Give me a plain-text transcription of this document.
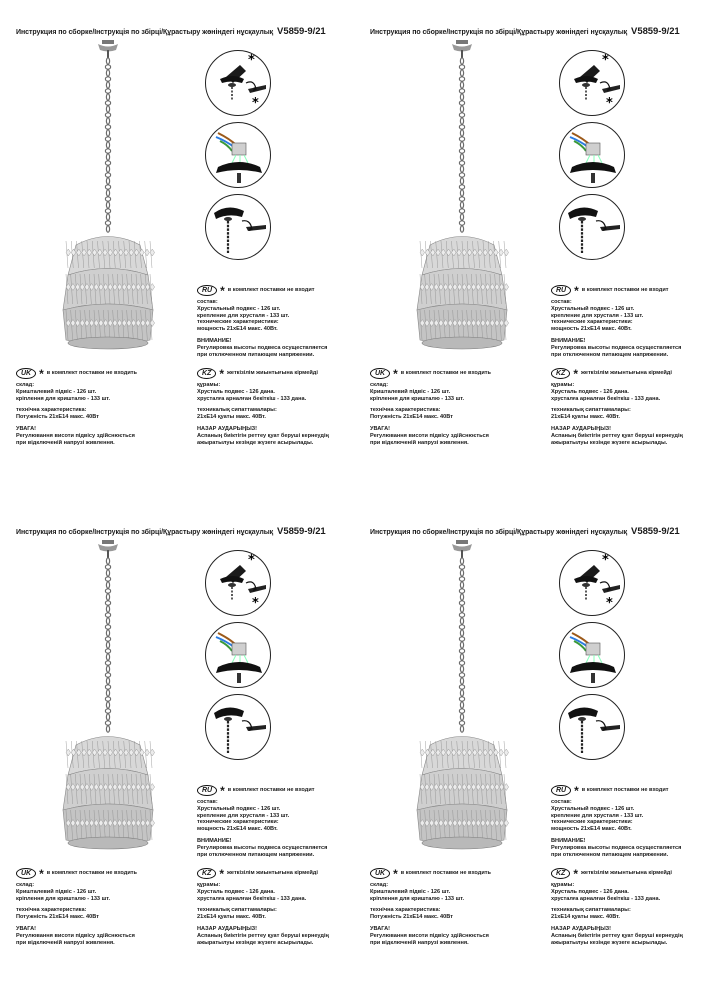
Инструкция по сборке/Інструкція по збірці/Құрастыру жөніндегі нұсқаулық V5859-9/21
*
*
RU * в комплект поставки не входит
состав:
Хрустальный подвес - 126 шт.
крепление для хрусталя - 133 шт.
технические характеристики:
мощность 21хЕ14 макс. 40Вт.
ВНИМАНИЕ!
Регулировка высоты подвеса осуществляется
при отключенном питающем напряжении.
UK * в комплект поставки не входить
склад:
Кришталевий підвіс - 126 шт.
кріплення для кришталю - 133 шт.
технічна характеристика:
Потужність 21хЕ14 макс. 40Вт
УВАГА!
Регулювання висоти підвісу здійснюється
при відключеній напрузі живлення.
KZ * жеткізілім жиынтығына кірмейді
құрамы:
Хрусталь подвес - 126 дана.
хрусталға арналған бекіткіш - 133 дана.
техникалық сипаттамалары:
21хЕ14 қуаты макс. 40Вт.
НАЗАР АУДАРЫҢЫЗ!
Аспаның биіктігін реттеу қуат беруші кернеудің
ажыратылуы кезінде жүзеге асырылады.
Инструкция по сборке/Інструкція по збірці/Құрастыру жөніндегі нұсқаулық V5859-9/21
*
*
RU * в комплект поставки не входит
состав:
Хрустальный подвес - 126 шт.
крепление для хрусталя - 133 шт.
технические характеристики:
мощность 21хЕ14 макс. 40Вт.
ВНИМАНИЕ!
Регулировка высоты подвеса осуществляется
при отключенном питающем напряжении.
UK * в комплект поставки не входить
склад:
Кришталевий підвіс - 126 шт.
кріплення для кришталю - 133 шт.
технічна характеристика:
Потужність 21хЕ14 макс. 40Вт
УВАГА!
Регулювання висоти підвісу здійснюється
при відключеній напрузі живлення.
KZ * жеткізілім жиынтығына кірмейді
құрамы:
Хрусталь подвес - 126 дана.
хрусталға арналған бекіткіш - 133 дана.
техникалық сипаттамалары:
21хЕ14 қуаты макс. 40Вт.
НАЗАР АУДАРЫҢЫЗ!
Аспаның биіктігін реттеу қуат беруші кернеудің
ажыратылуы кезінде жүзеге асырылады.
Инструкция по сборке/Інструкція по збірці/Құрастыру жөніндегі нұсқаулық V5859-9/21
*
*
RU * в комплект поставки не входит
состав:
Хрустальный подвес - 126 шт.
крепление для хрусталя - 133 шт.
технические характеристики:
мощность 21хЕ14 макс. 40Вт.
ВНИМАНИЕ!
Регулировка высоты подвеса осуществляется
при отключенном питающем напряжении.
UK * в комплект поставки не входить
склад:
Кришталевий підвіс - 126 шт.
кріплення для кришталю - 133 шт.
технічна характеристика:
Потужність 21хЕ14 макс. 40Вт
УВАГА!
Регулювання висоти підвісу здійснюється
при відключеній напрузі живлення.
KZ * жеткізілім жиынтығына кірмейді
құрамы:
Хрусталь подвес - 126 дана.
хрусталға арналған бекіткіш - 133 дана.
техникалық сипаттамалары:
21хЕ14 қуаты макс. 40Вт.
НАЗАР АУДАРЫҢЫЗ!
Аспаның биіктігін реттеу қуат беруші кернеудің
ажыратылуы кезінде жүзеге асырылады.
Инструкция по сборке/Інструкція по збірці/Құрастыру жөніндегі нұсқаулық V5859-9/21
*
*
RU * в комплект поставки не входит
состав:
Хрустальный подвес - 126 шт.
крепление для хрусталя - 133 шт.
технические характеристики:
мощность 21хЕ14 макс. 40Вт.
ВНИМАНИЕ!
Регулировка высоты подвеса осуществляется
при отключенном питающем напряжении.
UK * в комплект поставки не входить
склад:
Кришталевий підвіс - 126 шт.
кріплення для кришталю - 133 шт.
технічна характеристика:
Потужність 21хЕ14 макс. 40Вт
УВАГА!
Регулювання висоти підвісу здійснюється
при відключеній напрузі живлення.
KZ * жеткізілім жиынтығына кірмейді
құрамы:
Хрусталь подвес - 126 дана.
хрусталға арналған бекіткіш - 133 дана.
техникалық сипаттамалары:
21хЕ14 қуаты макс. 40Вт.
НАЗАР АУДАРЫҢЫЗ!
Аспаның биіктігін реттеу қуат беруші кернеудің
ажыратылуы кезінде жүзеге асырылады.
